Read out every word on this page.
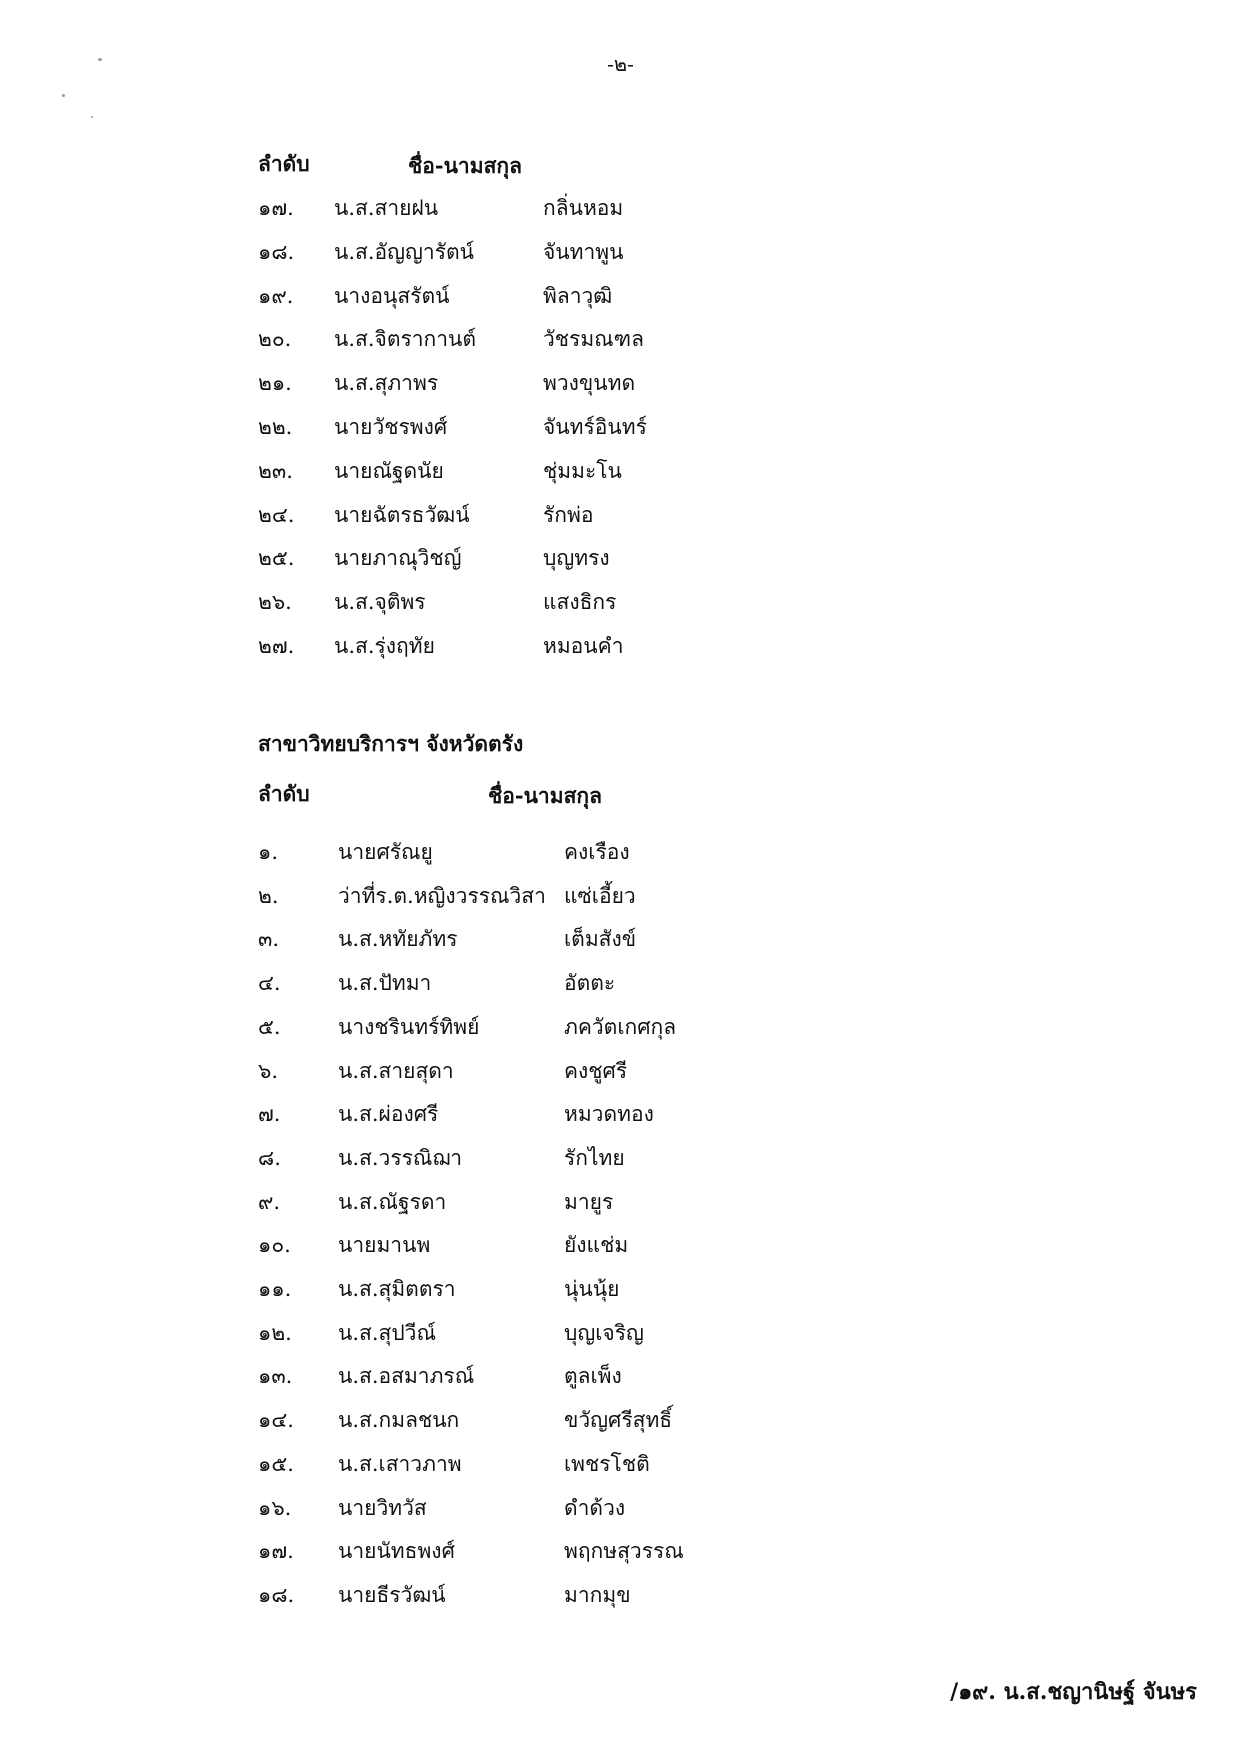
-๒-
ลำดับ	ชื่อ-นามสกุล
๑๗. น.ส.สายฝน	กลิ่นหอม
๑๘. น.ส.อัญญารัตน์	จันทาพูน
๑๙. นางอนุสรัตน์	พิลาวุฒิ
๒๐. น.ส.จิตรากานต์	วัชรมณฑล
๒๑. น.ส.สุภาพร	พวงขุนทด
๒๒. นายวัชรพงศ์	จันทร์อินทร์
๒๓. นายณัฐดนัย	ชุ่มมะโน
๒๔. นายฉัตรธวัฒน์	รักพ่อ
๒๕. นายภาณุวิชญ์	บุญทรง
๒๖. น.ส.จุติพร	แสงธิกร
๒๗. น.ส.รุ่งฤทัย	หมอนคำ
สาขาวิทยบริการฯ จังหวัดตรัง
ลำดับ	ชื่อ-นามสกุล
๑.	นายศรัณยู	คงเรือง
๒.	ว่าที่ร.ต.หญิงวรรณวิสา แซ่เอี้ยว
๓.	น.ส.หทัยภัทร	เต็มสังข์
๔.	น.ส.ปัทมา	อัตตะ
๕.	นางชรินทร์ทิพย์	ภควัตเกศกุล
๖.	น.ส.สายสุดา	คงชูศรี
๗.	น.ส.ผ่องศรี	หมวดทอง
๘.	น.ส.วรรณิฌา	รักไทย
๙.	น.ส.ณัฐรดา	มายูร
๑๐. นายมานพ	ยังแช่ม
๑๑. น.ส.สุมิตตรา	นุ่นนุ้ย
๑๒. น.ส.สุปวีณ์	บุญเจริญ
๑๓. น.ส.อสมาภรณ์	ตูลเพ็ง
๑๔. น.ส.กมลชนก	ขวัญศรีสุทธิ์
๑๕. น.ส.เสาวภาพ	เพชรโชติ
๑๖. นายวิทวัส	ดำด้วง
๑๗. นายนัทธพงศ์	พฤกษสุวรรณ
๑๘. นายธีรวัฒน์	มากมุข
/๑๙. น.ส.ชญานิษฐ์ จันษร
